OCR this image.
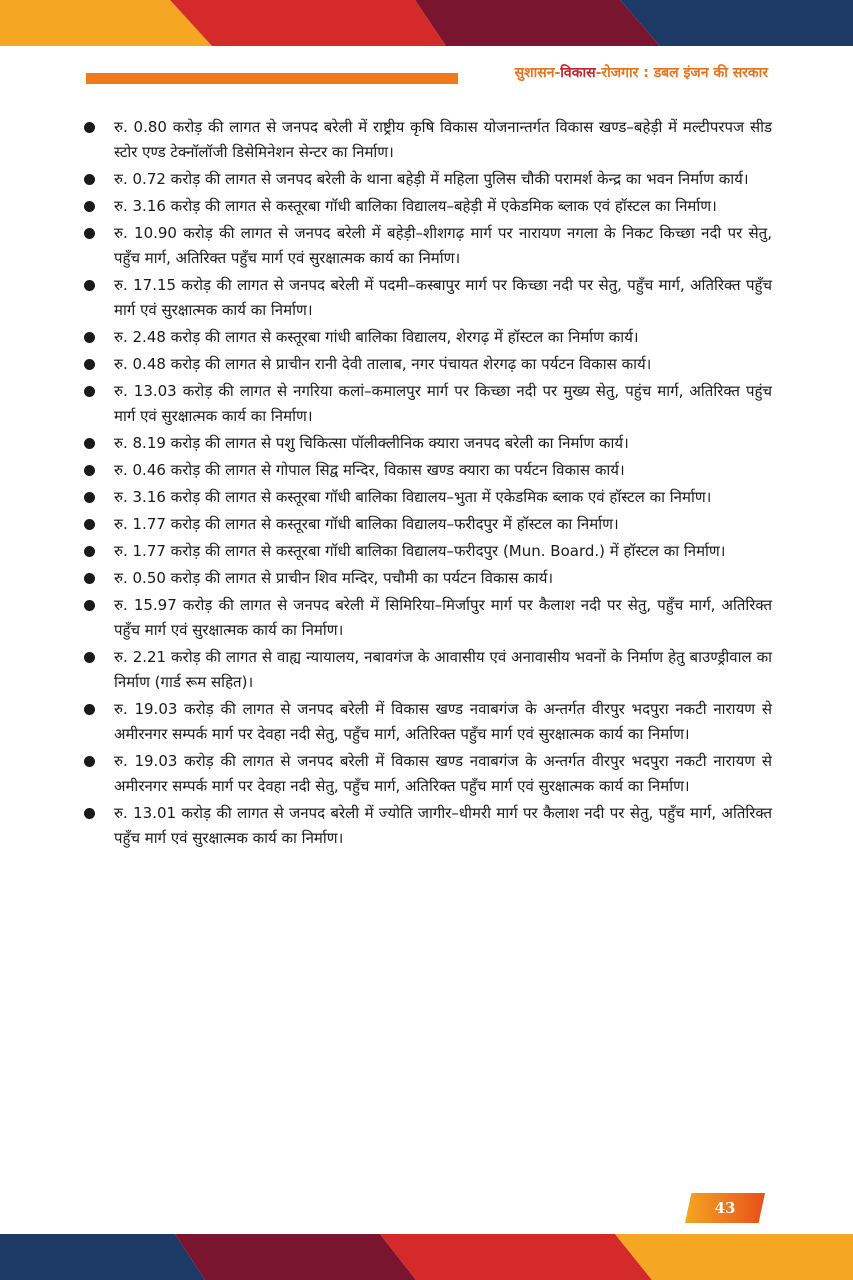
सुशासन-विकास-रोजगार : डबल इंजन की सरकार
रु. 0.80 करोड़ की लागत से जनपद बरेली में राष्ट्रीय कृषि विकास योजनान्तर्गत विकास खण्ड–बहेड़ी में मल्टीपरपज सीड स्टोर एण्ड टेक्नॉलॉजी डिसेमिनेशन सेन्टर का निर्माण।
रु. 0.72 करोड़ की लागत से जनपद बरेली के थाना बहेड़ी में महिला पुलिस चौकी परामर्श केन्द्र का भवन निर्माण कार्य।
रु. 3.16 करोड़ की लागत से कस्तूरबा गॉधी बालिका विद्यालय–बहेड़ी में एकेडमिक ब्लाक एवं हॉस्टल का निर्माण।
रु. 10.90 करोड़ की लागत से जनपद बरेली में बहेड़ी–शीशगढ़ मार्ग पर नारायण नगला के निकट किच्छा नदी पर सेतु, पहुँच मार्ग, अतिरिक्त पहुँच मार्ग एवं सुरक्षात्मक कार्य का निर्माण।
रु. 17.15 करोड़ की लागत से जनपद बरेली में पदमी–कस्बापुर मार्ग पर किच्छा नदी पर सेतु, पहुँच मार्ग, अतिरिक्त पहुँच मार्ग एवं सुरक्षात्मक कार्य का निर्माण।
रु. 2.48 करोड़ की लागत से कस्तूरबा गांधी बालिका विद्यालय, शेरगढ़ में हॉस्टल का निर्माण कार्य।
रु. 0.48 करोड़ की लागत से प्राचीन रानी देवी तालाब, नगर पंचायत शेरगढ़ का पर्यटन विकास कार्य।
रु. 13.03 करोड़ की लागत से नगरिया कलां–कमालपुर मार्ग पर किच्छा नदी पर मुख्य सेतु, पहुंच मार्ग, अतिरिक्त पहुंच मार्ग एवं सुरक्षात्मक कार्य का निर्माण।
रु. 8.19 करोड़ की लागत से पशु चिकित्सा पॉलीक्लीनिक क्यारा जनपद बरेली का निर्माण कार्य।
रु. 0.46 करोड़ की लागत से गोपाल सिद्व मन्दिर, विकास खण्ड क्यारा का पर्यटन विकास कार्य।
रु. 3.16 करोड़ की लागत से कस्तूरबा गॉधी बालिका विद्यालय–भुता में एकेडमिक ब्लाक एवं हॉस्टल का निर्माण।
रु. 1.77 करोड़ की लागत से कस्तूरबा गॉधी बालिका विद्यालय–फरीदपुर में हॉस्टल का निर्माण।
रु. 1.77 करोड़ की लागत से कस्तूरबा गॉधी बालिका विद्यालय–फरीदपुर (Mun. Board.) में हॉस्टल का निर्माण।
रु. 0.50 करोड़ की लागत से प्राचीन शिव मन्दिर, पचौमी का पर्यटन विकास कार्य।
रु. 15.97 करोड़ की लागत से जनपद बरेली में सिमिरिया–मिर्जापुर मार्ग पर कैलाश नदी पर सेतु, पहुँच मार्ग, अतिरिक्त पहुँच मार्ग एवं सुरक्षात्मक कार्य का निर्माण।
रु. 2.21 करोड़ की लागत से वाह्य न्यायालय, नबावगंज के आवासीय एवं अनावासीय भवनों के निर्माण हेतु बाउण्ड्रीवाल का निर्माण (गार्ड रूम सहित)।
रु. 19.03 करोड़ की लागत से जनपद बरेली में विकास खण्ड नवाबगंज के अन्तर्गत वीरपुर भदपुरा नकटी नारायण से अमीरनगर सम्पर्क मार्ग पर देवहा नदी सेतु, पहुँच मार्ग, अतिरिक्त पहुँच मार्ग एवं सुरक्षात्मक कार्य का निर्माण।
रु. 19.03 करोड़ की लागत से जनपद बरेली में विकास खण्ड नवाबगंज के अन्तर्गत वीरपुर भदपुरा नकटी नारायण से अमीरनगर सम्पर्क मार्ग पर देवहा नदी सेतु, पहुँच मार्ग, अतिरिक्त पहुँच मार्ग एवं सुरक्षात्मक कार्य का निर्माण।
रु. 13.01 करोड़ की लागत से जनपद बरेली में ज्योति जागीर–धीमरी मार्ग पर कैलाश नदी पर सेतु, पहुँच मार्ग, अतिरिक्त पहुँच मार्ग एवं सुरक्षात्मक कार्य का निर्माण।
43
